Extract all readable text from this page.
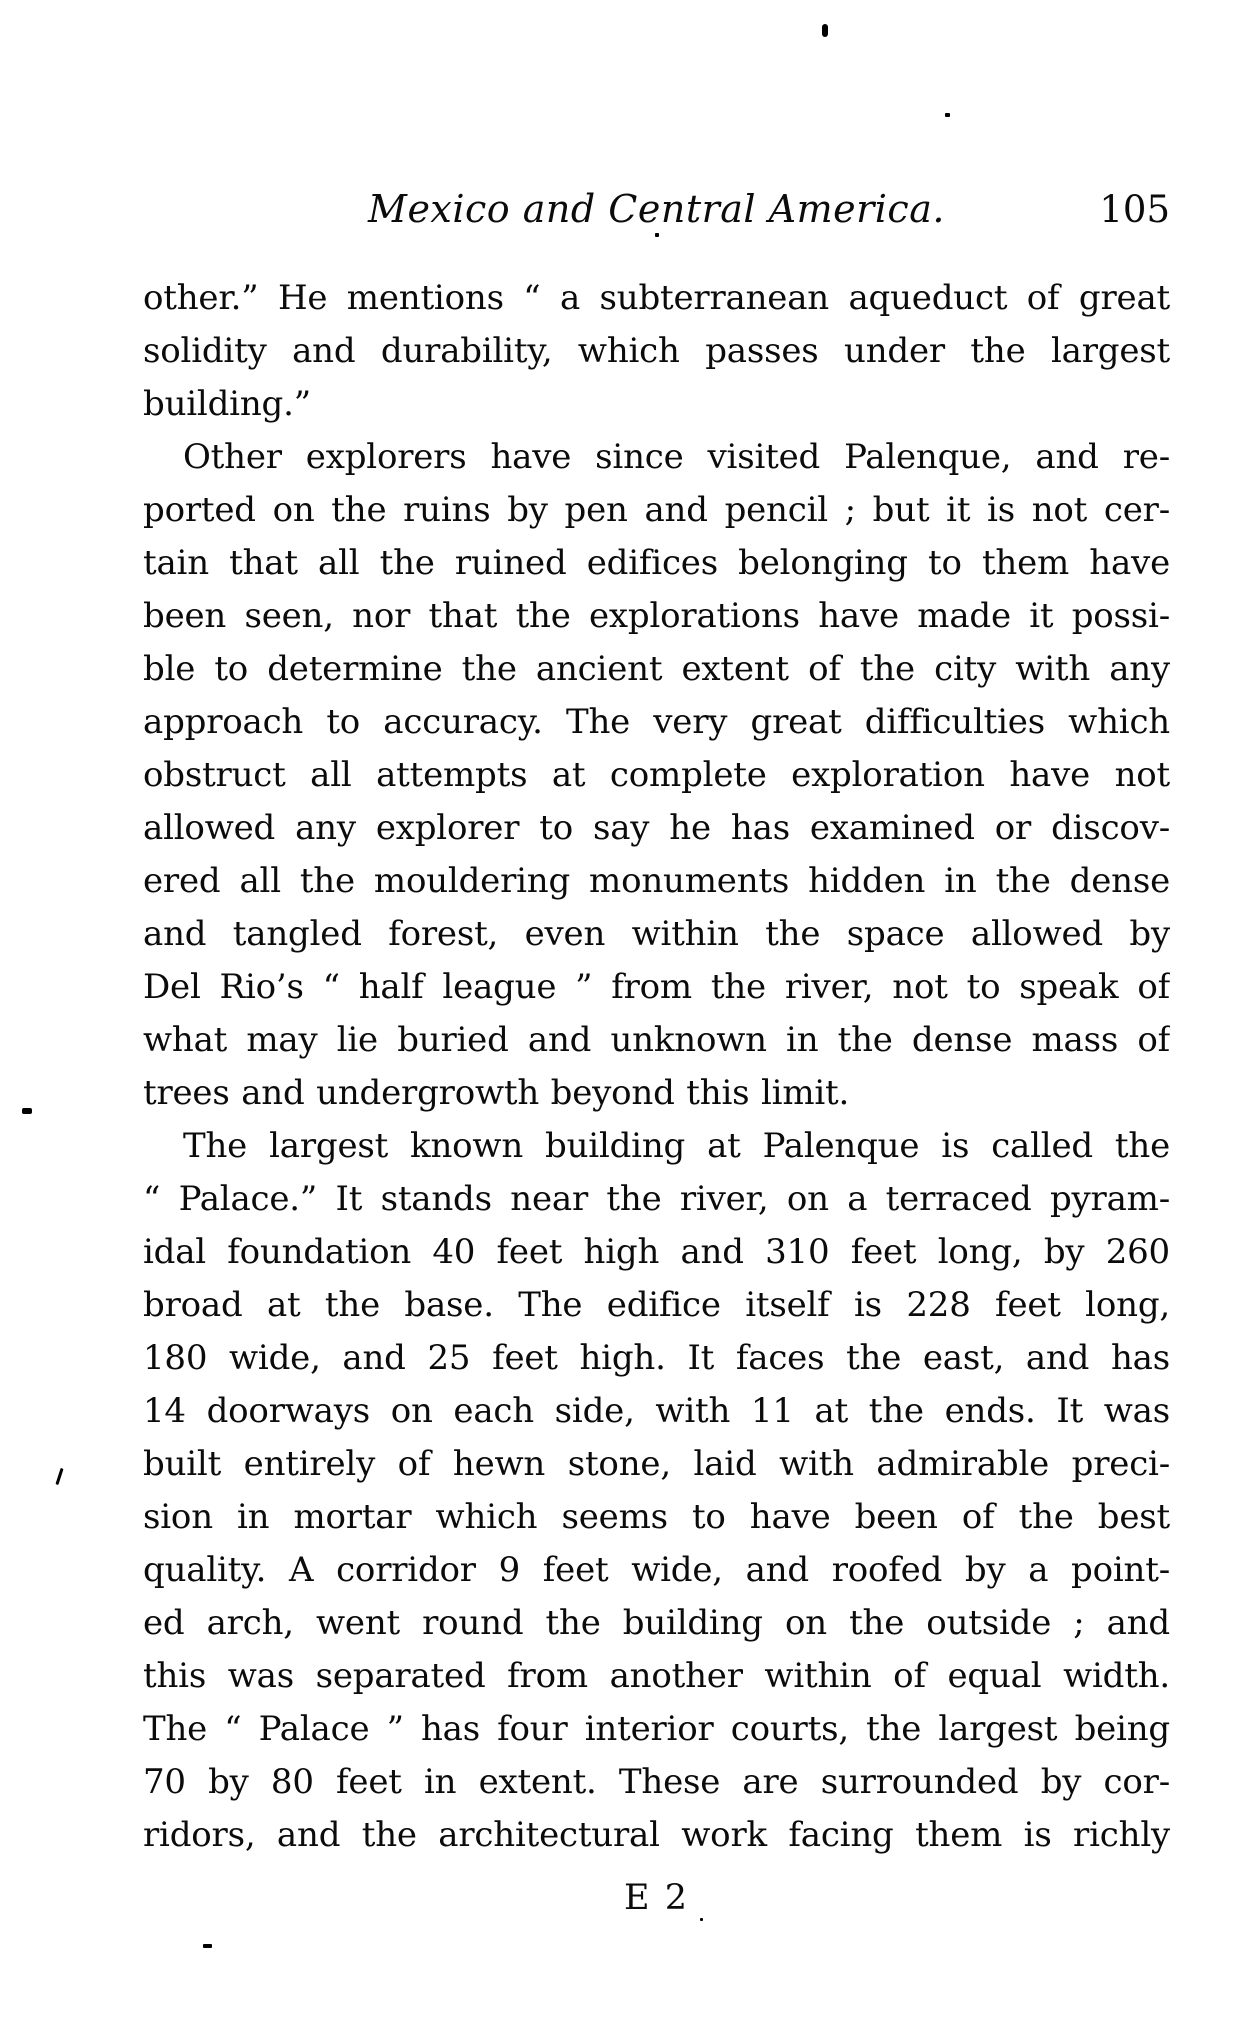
Mexico and Central America.	105
other.” He mentions “ a subterranean aqueduct of great
solidity and durability, which passes under the largest
building.”
Other explorers have since visited Palenque, and re-
ported on the ruins by pen and pencil ; but it is not cer-
tain that all the ruined edifices belonging to them have
been seen, nor that the explorations have made it possi-
ble to determine the ancient extent of the city with any
approach to accuracy. The very great difficulties which
obstruct all attempts at complete exploration have not
allowed any explorer to say he has examined or discov-
ered all the mouldering monuments hidden in the dense
and tangled forest, even within the space allowed by
Del Rio’s “ half league ” from the river, not to speak of
what may lie buried and unknown in the dense mass of
trees and undergrowth beyond this limit.
The largest known building at Palenque is called the
“ Palace.” It stands near the river, on a terraced pyram-
idal foundation 40 feet high and 310 feet long, by 260
broad at the base. The edifice itself is 228 feet long,
180 wide, and 25 feet high. It faces the east, and has
14 doorways on each side, with 11 at the ends. It was
built entirely of hewn stone, laid with admirable preci-
sion in mortar which seems to have been of the best
quality. A corridor 9 feet wide, and roofed by a point-
ed arch, went round the building on the outside ; and
this was separated from another within of equal width.
The “ Palace ” has four interior courts, the largest being
70 by 80 feet in extent. These are surrounded by cor-
ridors, and the architectural work facing them is richly
E 2
